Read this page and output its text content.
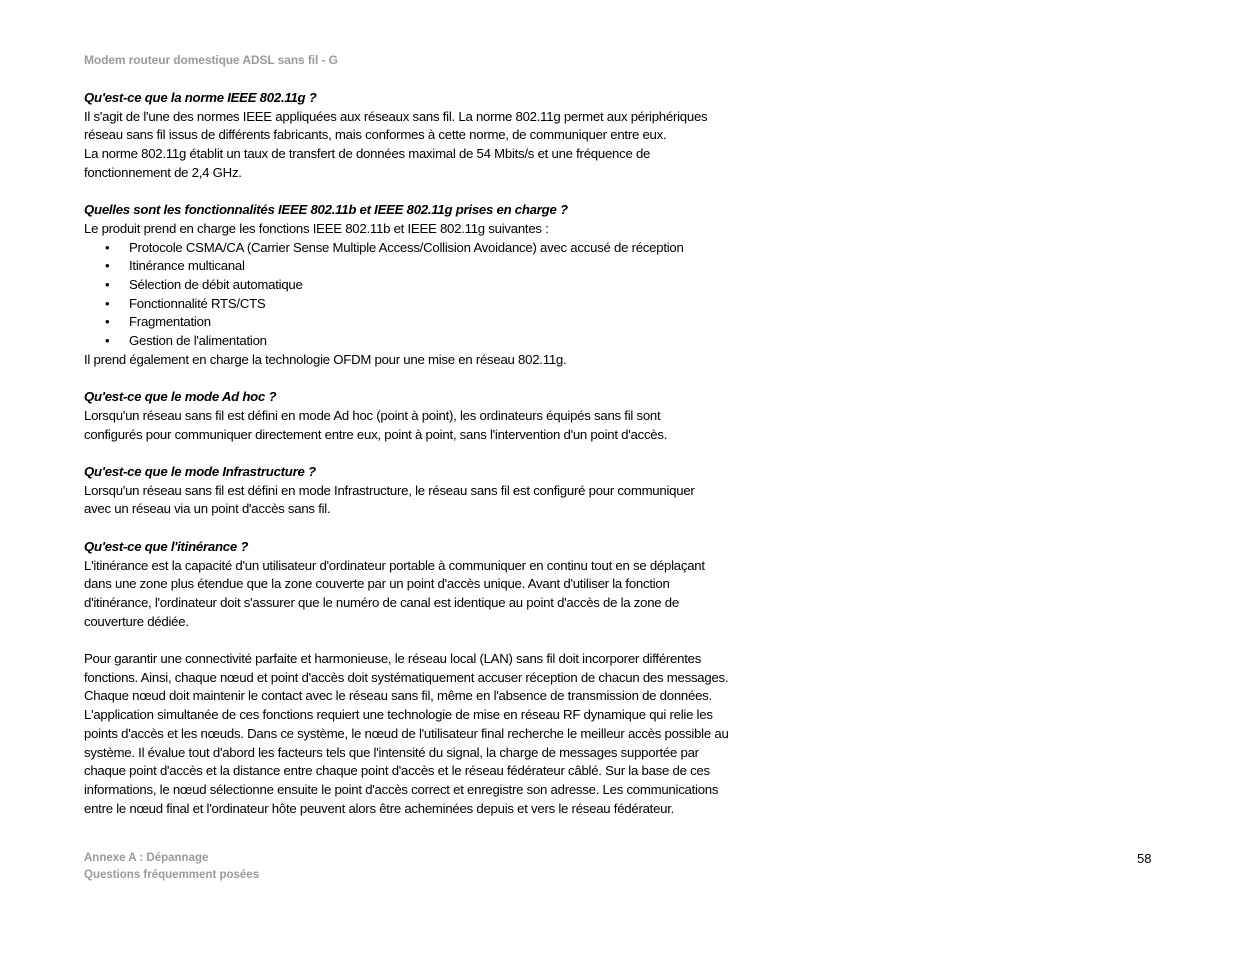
Modem routeur domestique ADSL sans fil - G

Qu'est-ce que la norme IEEE 802.11g ?

Il s'agit de l'une des normes IEEE appliquées aux réseaux sans fil. La norme 802.11g permet aux périphériques

réseau sans fil issus de différents fabricants, mais conformes à cette norme, de communiquer entre eux.

La norme 802.11g établit un taux de transfert de données maximal de 54 Mbits/s et une fréquence de

fonctionnement de 2,4 GHz.

Quelles sont les fonctionnalités IEEE 802.11b et IEEE 802.11g prises en charge ?

Le produit prend en charge les fonctions IEEE 802.11b et IEEE 802.11g suivantes :

• Protocole CSMA/CA (Carrier Sense Multiple Access/Collision Avoidance) avec accusé de réception
• Itinérance multicanal
• Sélection de débit automatique
• Fonctionnalité RTS/CTS
• Fragmentation
• Gestion de l'alimentation

Il prend également en charge la technologie OFDM pour une mise en réseau 802.11g.

Qu'est-ce que le mode Ad hoc ?

Lorsqu'un réseau sans fil est défini en mode Ad hoc (point à point), les ordinateurs équipés sans fil sont

configurés pour communiquer directement entre eux, point à point, sans l'intervention d'un point d'accès.

Qu'est-ce que le mode Infrastructure ?

Lorsqu'un réseau sans fil est défini en mode Infrastructure, le réseau sans fil est configuré pour communiquer

avec un réseau via un point d'accès sans fil.

Qu'est-ce que l'itinérance ?

L'itinérance est la capacité d'un utilisateur d'ordinateur portable à communiquer en continu tout en se déplaçant

dans une zone plus étendue que la zone couverte par un point d'accès unique. Avant d'utiliser la fonction

d'itinérance, l'ordinateur doit s'assurer que le numéro de canal est identique au point d'accès de la zone de

couverture dédiée.

Pour garantir une connectivité parfaite et harmonieuse, le réseau local (LAN) sans fil doit incorporer différentes

fonctions. Ainsi, chaque nœud et point d'accès doit systématiquement accuser réception de chacun des messages.

Chaque nœud doit maintenir le contact avec le réseau sans fil, même en l'absence de transmission de données.

L'application simultanée de ces fonctions requiert une technologie de mise en réseau RF dynamique qui relie les

points d'accès et les nœuds. Dans ce système, le nœud de l'utilisateur final recherche le meilleur accès possible au

système. Il évalue tout d'abord les facteurs tels que l'intensité du signal, la charge de messages supportée par

chaque point d'accès et la distance entre chaque point d'accès et le réseau fédérateur câblé. Sur la base de ces

informations, le nœud sélectionne ensuite le point d'accès correct et enregistre son adresse. Les communications

entre le nœud final et l'ordinateur hôte peuvent alors être acheminées depuis et vers le réseau fédérateur.

Annexe A : Dépannage
Questions fréquemment posées
58
